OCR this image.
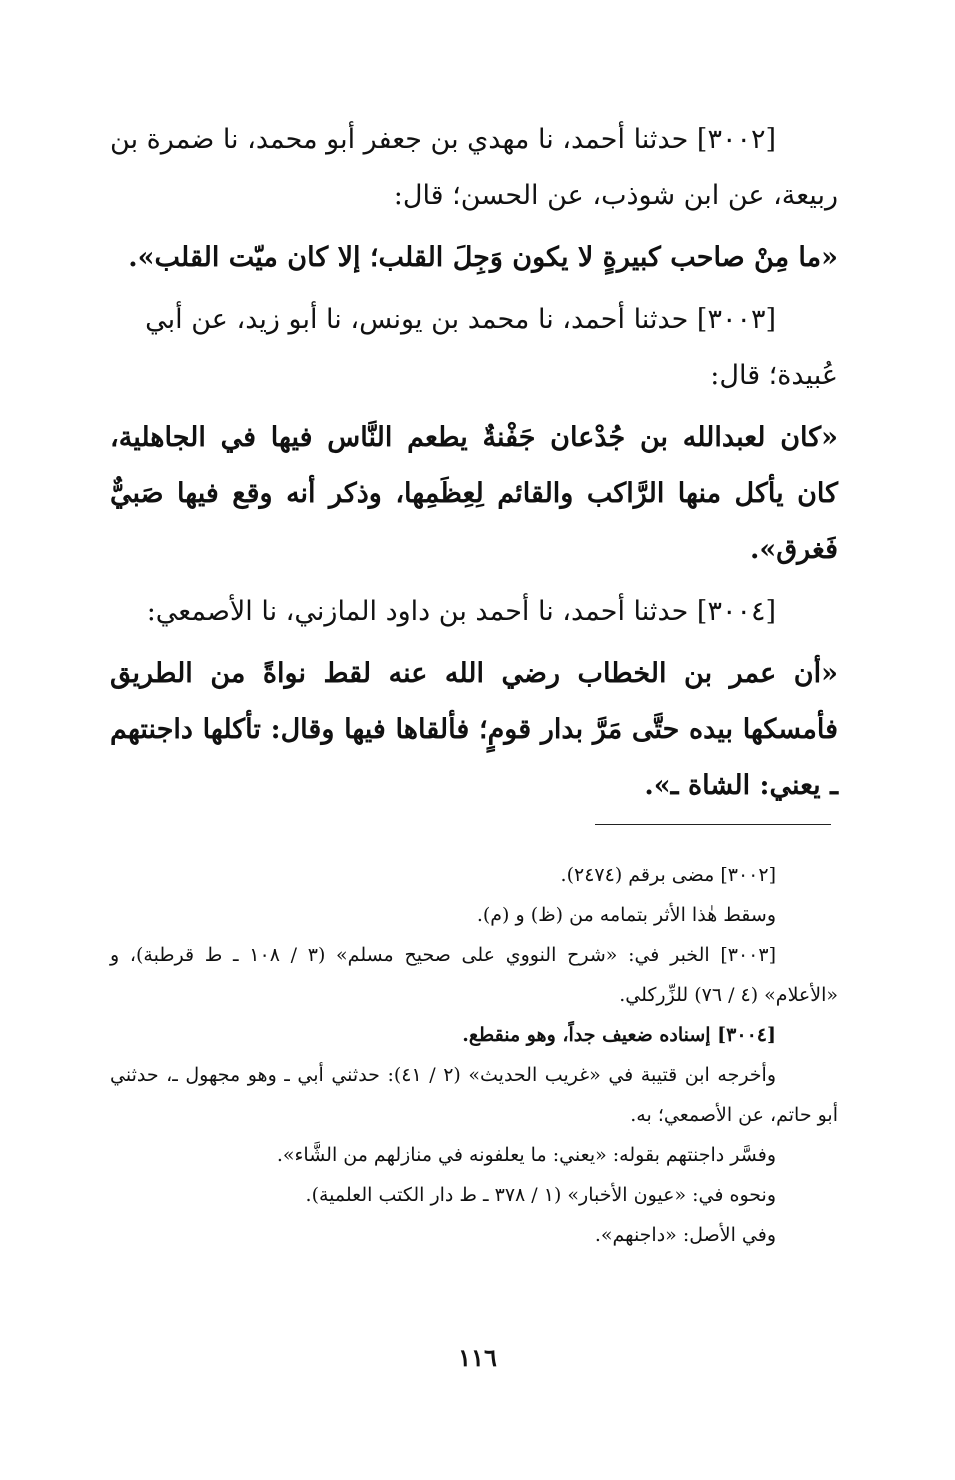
[٣٠٠٢] حدثنا أحمد، نا مهدي بن جعفر أبو محمد، نا ضمرة بن

ربيعة، عن ابن شوذب، عن الحسن؛ قال:

«ما مِنْ صاحب كبيرةٍ لا يكون وَجِلَ القلب؛ إلا كان ميّت القلب».

[٣٠٠٣] حدثنا أحمد، نا محمد بن يونس، نا أبو زيد، عن أبي

عُبيدة؛ قال:

«كان لعبدالله بن جُدْعان جَفْنةٌ يطعم النَّاس فيها في الجاهلية، كان يأكل منها الرَّاكب والقائم لِعِظَمِها، وذكر أنه وقع فيها صَبيٌّ فَغرق».

[٣٠٠٤] حدثنا أحمد، نا أحمد بن داود المازني، نا الأصمعي:

«أن عمر بن الخطاب رضي الله عنه لقط نواةً من الطريق فأمسكها بيده حتَّى مَرَّ بدار قومٍ؛ فألقاها فيها وقال: تأكلها داجنتهم ـ يعني: الشاة ـ».

[٣٠٠٢] مضى برقم (٢٤٧٤).

وسقط هٰذا الأثر بتمامه من (ظ) و (م).

[٣٠٠٣] الخبر في: «شرح النووي على صحيح مسلم» (٣ / ١٠٨ ـ ط قرطبة)، و «الأعلام» (٤ / ٧٦) للزِّركلي.

[٣٠٠٤] إسناده ضعيف جداً، وهو منقطع.

وأخرجه ابن قتيبة في «غريب الحديث» (٢ / ٤١): حدثني أبي ـ وهو مجهول ـ، حدثني أبو حاتم، عن الأصمعي؛ به.

وفسَّر داجنتهم بقوله: «يعني: ما يعلفونه في منازلهم من الشَّاء».

ونحوه في: «عيون الأخبار» (١ / ٣٧٨ ـ ط دار الكتب العلمية).

وفي الأصل: «داجنهم».

١١٦
